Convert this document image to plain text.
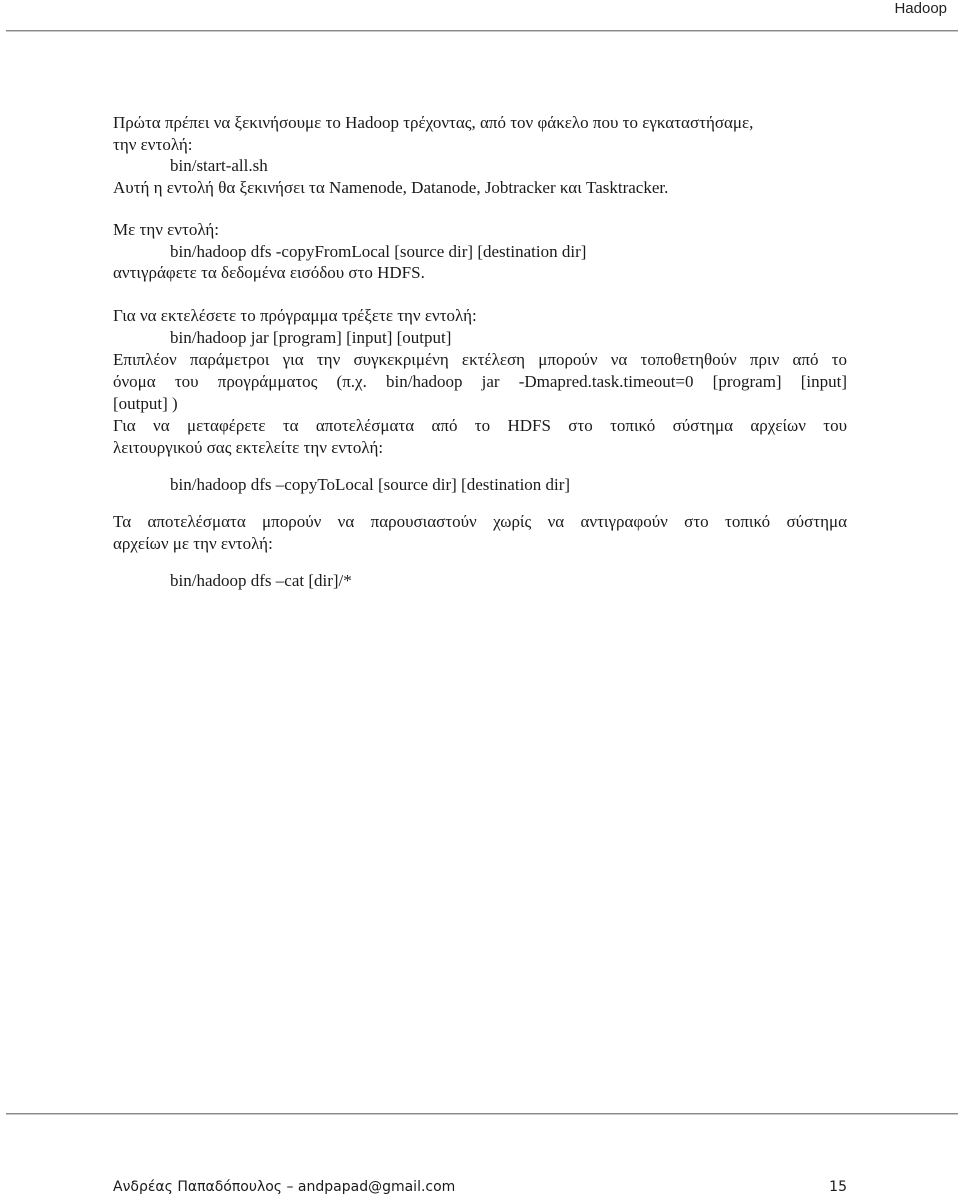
Hadoop
Πρώτα πρέπει να ξεκινήσουμε το Hadoop τρέχοντας, από τον φάκελο που το εγκαταστήσαμε,
την εντολή:
bin/start-all.sh
Αυτή η εντολή θα ξεκινήσει τα Namenode, Datanode, Jobtracker και Tasktracker.
Με την εντολή:
bin/hadoop dfs -copyFromLocal [source dir] [destination dir]
αντιγράφετε τα δεδομένα εισόδου στο HDFS.
Για να εκτελέσετε το πρόγραμμα τρέξετε την εντολή:
bin/hadoop jar [program] [input] [output]
Επιπλέον παράμετροι για την συγκεκριμένη εκτέλεση μπορούν να τοποθετηθούν πριν από το
όνομα του προγράμματος (π.χ. bin/hadoop jar -Dmapred.task.timeout=0 [program] [input]
[output] )
Για να μεταφέρετε τα αποτελέσματα από το HDFS στο τοπικό σύστημα αρχείων του
λειτουργικού σας εκτελείτε την εντολή:
bin/hadoop dfs –copyToLocal [source dir] [destination dir]
Τα αποτελέσματα μπορούν να παρουσιαστούν χωρίς να αντιγραφούν στο τοπικό σύστημα
αρχείων με την εντολή:
bin/hadoop dfs –cat [dir]/*
Ανδρέας Παπαδόπουλος – andpapad@gmail.com	15
